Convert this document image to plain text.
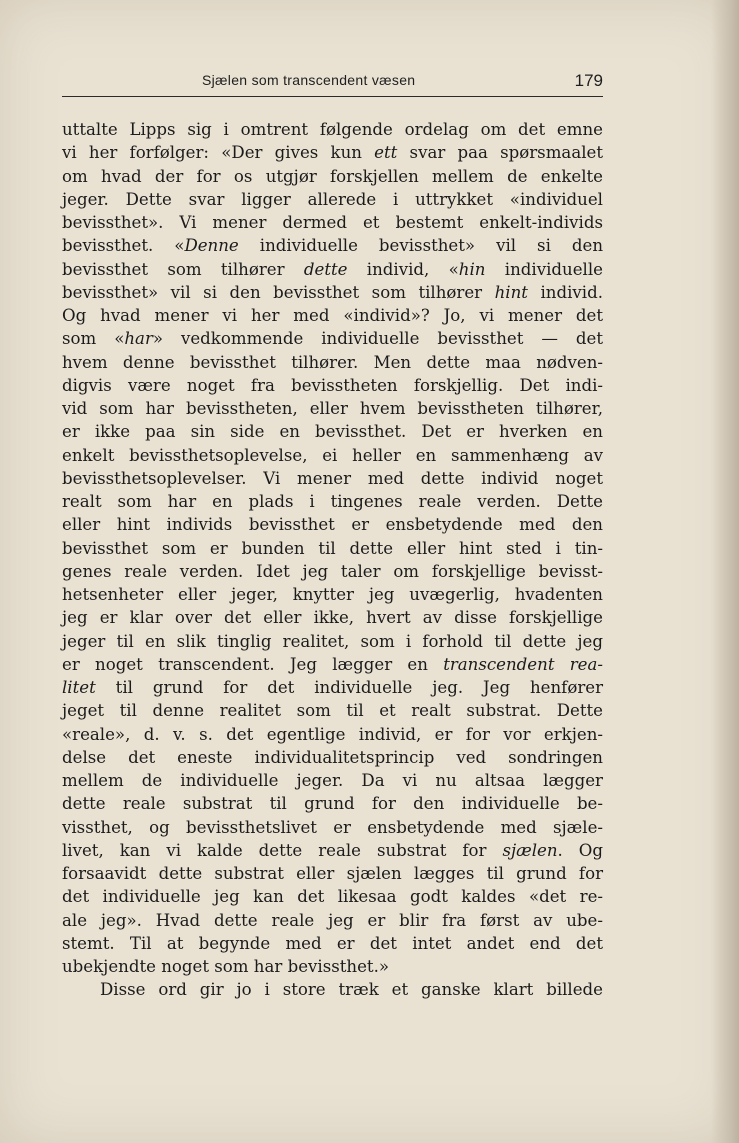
Sjælen som transcendent væsen	179
uttalte Lipps sig i omtrent følgende ordelag om det emne
vi her forfølger: «Der gives kun ett svar paa spørsmaalet
om hvad der for os utgjør forskjellen mellem de enkelte
jeger. Dette svar ligger allerede i uttrykket «individuel
bevissthet». Vi mener dermed et bestemt enkelt-individs
bevissthet. «Denne individuelle bevissthet» vil si den
bevissthet som tilhører dette individ, «hin individuelle
bevissthet» vil si den bevissthet som tilhører hint individ.
Og hvad mener vi her med «individ»? Jo, vi mener det
som «har» vedkommende individuelle bevissthet — det
hvem denne bevissthet tilhører. Men dette maa nødven-
digvis være noget fra bevisstheten forskjellig. Det indi-
vid som har bevisstheten, eller hvem bevisstheten tilhører,
er ikke paa sin side en bevissthet. Det er hverken en
enkelt bevissthetsoplevelse, ei heller en sammenhæng av
bevissthetsoplevelser. Vi mener med dette individ noget
realt som har en plads i tingenes reale verden. Dette
eller hint individs bevissthet er ensbetydende med den
bevissthet som er bunden til dette eller hint sted i tin-
genes reale verden. Idet jeg taler om forskjellige bevisst-
hetsenheter eller jeger, knytter jeg uvægerlig, hvadenten
jeg er klar over det eller ikke, hvert av disse forskjellige
jeger til en slik tinglig realitet, som i forhold til dette jeg
er noget transcendent. Jeg lægger en transcendent rea-
litet til grund for det individuelle jeg. Jeg henfører
jeget til denne realitet som til et realt substrat. Dette
«reale», d. v. s. det egentlige individ, er for vor erkjen-
delse det eneste individualitetsprincip ved sondringen
mellem de individuelle jeger. Da vi nu altsaa lægger
dette reale substrat til grund for den individuelle be-
vissthet, og bevissthetslivet er ensbetydende med sjæle-
livet, kan vi kalde dette reale substrat for sjælen. Og
forsaavidt dette substrat eller sjælen lægges til grund for
det individuelle jeg kan det likesaa godt kaldes «det re-
ale jeg». Hvad dette reale jeg er blir fra først av ube-
stemt. Til at begynde med er det intet andet end det
ubekjendte noget som har bevissthet.»
Disse ord gir jo i store træk et ganske klart billede
